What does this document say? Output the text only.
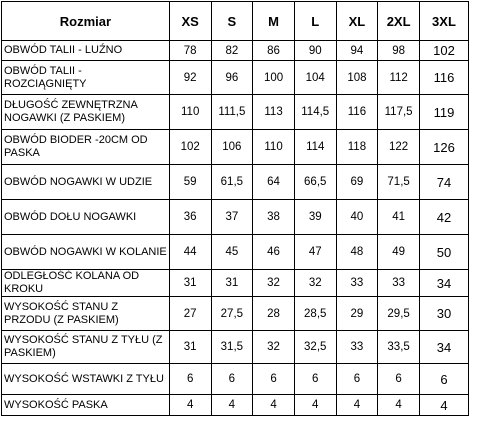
Rozmiar	XS	S	M	L	XL	2XL	3XL
OBWÓD TALII - LUŹNO	78	82	86	90	94	98	102
OBWÓD TALII - ROZCIĄGNIĘTY	92	96	100	104	108	112	116
DŁUGOŚĆ ZEWNĘTRZNA NOGAWKI (Z PASKIEM)	110	111,5	113	114,5	116	117,5	119
OBWÓD BIODER -20CM OD PASKA	102	106	110	114	118	122	126
OBWÓD NOGAWKI W UDZIE	59	61,5	64	66,5	69	71,5	74
OBWÓD DOŁU NOGAWKI	36	37	38	39	40	41	42
OBWÓD NOGAWKI W KOLANIE	44	45	46	47	48	49	50
ODLEGŁOŚĆ KOLANA OD KROKU	31	31	32	32	33	33	34
WYSOKOŚĆ STANU Z PRZODU (Z PASKIEM)	27	27,5	28	28,5	29	29,5	30
WYSOKOŚĆ STANU Z TYŁU (Z PASKIEM)	31	31,5	32	32,5	33	33,5	34
WYSOKOŚĆ WSTAWKI Z TYŁU	6	6	6	6	6	6	6
WYSOKOŚĆ PASKA	4	4	4	4	4	4	4
